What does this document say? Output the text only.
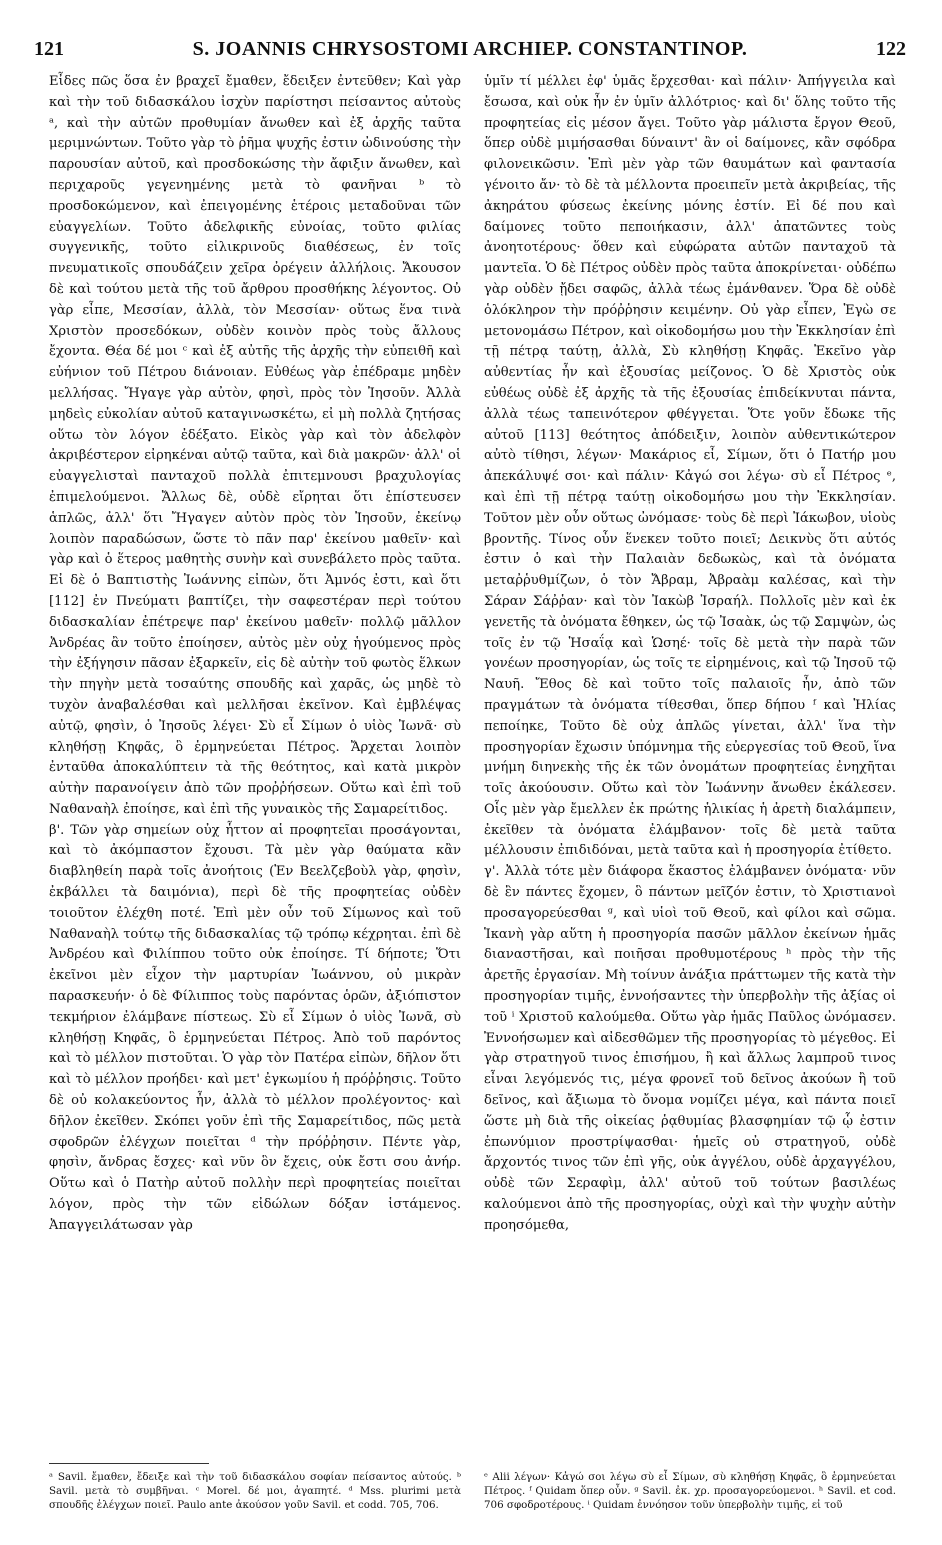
121	S. JOANNIS CHRYSOSTOMI ARCHIEP. CONSTANTINOP.	122

Εἶδες πῶς ὅσα ἐν βραχεῖ ἔμαθεν, ἔδειξεν ἐντεῦθεν; Καὶ γὰρ καὶ τὴν τοῦ διδασκάλου ἰσχὺν παρίστησι πείσαντος αὐτοὺς ᵃ, καὶ τὴν αὐτῶν προθυμίαν ἄνωθεν καὶ ἐξ ἀρχῆς ταῦτα μεριμνώντων. Τοῦτο γὰρ τὸ ῥῆμα ψυχῆς ἐστιν ὠδινούσης τὴν παρουσίαν αὐτοῦ, καὶ προσδοκώσης τὴν ἄφιξιν ἄνωθεν, καὶ περιχαροῦς γεγενημένης μετὰ τὸ φανῆναι ᵇ τὸ προσδοκώμενον, καὶ ἐπειγομένης ἑτέροις μεταδοῦναι τῶν εὐαγγελίων. Τοῦτο ἀδελφικῆς εὐνοίας, τοῦτο φιλίας συγγενικῆς, τοῦτο εἰλικρινοῦς διαθέσεως, ἐν τοῖς πνευματικοῖς σπουδάζειν χεῖρα ὀρέγειν ἀλλήλοις. Ἄκουσον δὲ καὶ τούτου μετὰ τῆς τοῦ ἄρθρου προσθήκης λέγοντος. Οὐ γὰρ εἶπε, Μεσσίαν, ἀλλὰ, τὸν Μεσσίαν· οὕτως ἕνα τινὰ Χριστὸν προσεδόκων, οὐδὲν κοινὸν πρὸς τοὺς ἄλλους ἔχοντα. Θέα δέ μοι ᶜ καὶ ἐξ αὐτῆς τῆς ἀρχῆς τὴν εὐπειθῆ καὶ εὐήνιον τοῦ Πέτρου διάνοιαν. Εὐθέως γὰρ ἐπέδραμε μηδὲν μελλήσας. Ἤγαγε γὰρ αὐτὸν, φησὶ, πρὸς τὸν Ἰησοῦν. Ἀλλὰ μηδεὶς εὐκολίαν αὐτοῦ καταγινωσκέτω, εἰ μὴ πολλὰ ζητήσας οὕτω τὸν λόγον ἐδέξατο. Εἰκὸς γὰρ καὶ τὸν ἀδελφὸν ἀκριβέστερον εἰρηκέναι αὐτῷ ταῦτα, καὶ διὰ μακρῶν· ἀλλ' οἱ εὐαγγελισταὶ πανταχοῦ πολλὰ ἐπιτεμνουσι βραχυλογίας ἐπιμελούμενοι. Ἄλλως δὲ, οὐδὲ εἴρηται ὅτι ἐπίστευσεν ἁπλῶς, ἀλλ' ὅτι Ἤγαγεν αὐτὸν πρὸς τὸν Ἰησοῦν, ἐκείνῳ λοιπὸν παραδώσων, ὥστε τὸ πᾶν παρ' ἐκείνου μαθεῖν· καὶ γὰρ καὶ ὁ ἕτερος μαθητὴς συνὴν καὶ συνεβάλετο πρὸς ταῦτα. Εἰ δὲ ὁ Βαπτιστὴς Ἰωάννης εἰπὼν, ὅτι Ἀμνός ἐστι, καὶ ὅτι [112] ἐν Πνεύματι βαπτίζει, τὴν σαφεστέραν περὶ τούτου διδασκαλίαν ἐπέτρεψε παρ' ἐκείνου μαθεῖν· πολλῷ μᾶλλον Ἀνδρέας ἂν τοῦτο ἐποίησεν, αὐτὸς μὲν οὐχ ἡγούμενος πρὸς τὴν ἐξήγησιν πᾶσαν ἐξαρκεῖν, εἰς δὲ αὐτὴν τοῦ φωτὸς ἕλκων τὴν πηγὴν μετὰ τοσαύτης σπουδῆς καὶ χαρᾶς, ὡς μηδὲ τὸ τυχὸν ἀναβαλέσθαι καὶ μελλῆσαι ἐκεῖνον. Καὶ ἐμβλέψας αὐτῷ, φησὶν, ὁ Ἰησοῦς λέγει· Σὺ εἶ Σίμων ὁ υἱὸς Ἰωνᾶ· σὺ κληθήσῃ Κηφᾶς, ὃ ἑρμηνεύεται Πέτρος. Ἄρχεται λοιπὸν ἐνταῦθα ἀποκαλύπτειν τὰ τῆς θεότητος, καὶ κατὰ μικρὸν αὐτὴν παρανοίγειν ἀπὸ τῶν προῤῥήσεων. Οὕτω καὶ ἐπὶ τοῦ Ναθαναὴλ ἐποίησε, καὶ ἐπὶ τῆς γυναικὸς τῆς Σαμαρείτιδος.

β'. Τῶν γὰρ σημείων οὐχ ἧττον αἱ προφητεῖαι προσάγονται, καὶ τὸ ἀκόμπαστον ἔχουσι. Τὰ μὲν γὰρ θαύματα κἂν διαβληθείη παρὰ τοῖς ἀνοήτοις (Ἐν Βεελζεβοὺλ γὰρ, φησὶν, ἐκβάλλει τὰ δαιμόνια), περὶ δὲ τῆς προφητείας οὐδὲν τοιοῦτον ἐλέχθη ποτέ. Ἐπὶ μὲν οὖν τοῦ Σίμωνος καὶ τοῦ Ναθαναὴλ τούτῳ τῆς διδασκαλίας τῷ τρόπῳ κέχρηται. ἐπὶ δὲ Ἀνδρέου καὶ Φιλίππου τοῦτο οὐκ ἐποίησε. Τί δήποτε; Ὅτι ἐκεῖνοι μὲν εἶχον τὴν μαρτυρίαν Ἰωάννου, οὐ μικρὰν παρασκευήν· ὁ δὲ Φίλιππος τοὺς παρόντας ὁρῶν, ἀξιόπιστον τεκμήριον ἐλάμβανε πίστεως. Σὺ εἶ Σίμων ὁ υἱὸς Ἰωνᾶ, σὺ κληθήσῃ Κηφᾶς, ὃ ἑρμηνεύεται Πέτρος. Ἀπὸ τοῦ παρόντος καὶ τὸ μέλλον πιστοῦται. Ὁ γὰρ τὸν Πατέρα εἰπὼν, δῆλον ὅτι καὶ τὸ μέλλον προήδει· καὶ μετ' ἐγκωμίου ἡ πρόῤῥησις. Τοῦτο δὲ οὐ κολακεύοντος ἦν, ἀλλὰ τὸ μέλλον προλέγοντος· καὶ δῆλον ἐκεῖθεν. Σκόπει γοῦν ἐπὶ τῆς Σαμαρείτιδος, πῶς μετὰ σφοδρῶν ἐλέγχων ποιεῖται ᵈ τὴν πρόῤῥησιν. Πέντε γὰρ, φησὶν, ἄνδρας ἔσχες· καὶ νῦν ὃν ἔχεις, οὐκ ἔστι σου ἀνήρ. Οὕτω καὶ ὁ Πατὴρ αὐτοῦ πολλὴν περὶ προφητείας ποιεῖται λόγον, πρὸς τὴν τῶν εἰδώλων δόξαν ἱστάμενος. Ἀπαγγειλάτωσαν γὰρ

ὑμῖν τί μέλλει ἐφ' ὑμᾶς ἔρχεσθαι· καὶ πάλιν· Ἀπήγγειλα καὶ ἔσωσα, καὶ οὐκ ἦν ἐν ὑμῖν ἀλλότριος· καὶ δι' ὅλης τοῦτο τῆς προφητείας εἰς μέσον ἄγει. Τοῦτο γὰρ μάλιστα ἔργον Θεοῦ, ὅπερ οὐδὲ μιμήσασθαι δύναιντ' ἂν οἱ δαίμονες, κἂν σφόδρα φιλονεικῶσιν. Ἐπὶ μὲν γὰρ τῶν θαυμάτων καὶ φαντασία γένοιτο ἄν· τὸ δὲ τὰ μέλλοντα προειπεῖν μετὰ ἀκριβείας, τῆς ἀκηράτου φύσεως ἐκείνης μόνης ἐστίν. Εἰ δέ που καὶ δαίμονες τοῦτο πεποιήκασιν, ἀλλ' ἀπατῶντες τοὺς ἀνοητοτέρους· ὅθεν καὶ εὐφώρατα αὐτῶν πανταχοῦ τὰ μαντεῖα. Ὁ δὲ Πέτρος οὐδὲν πρὸς ταῦτα ἀποκρίνεται· οὐδέπω γὰρ οὐδὲν ᾔδει σαφῶς, ἀλλὰ τέως ἐμάνθανεν. Ὅρα δὲ οὐδὲ ὁλόκληρον τὴν πρόῤῥησιν κειμένην. Οὐ γὰρ εἶπεν, Ἐγὼ σε μετονομάσω Πέτρον, καὶ οἰκοδομήσω μου τὴν Ἐκκλησίαν ἐπὶ τῇ πέτρᾳ ταύτῃ, ἀλλὰ, Σὺ κληθήσῃ Κηφᾶς. Ἐκεῖνο γὰρ αὐθεντίας ἦν καὶ ἐξουσίας μείζονος. Ὁ δὲ Χριστὸς οὐκ εὐθέως οὐδὲ ἐξ ἀρχῆς τὰ τῆς ἐξουσίας ἐπιδείκνυται πάντα, ἀλλὰ τέως ταπεινότερον φθέγγεται. Ὅτε γοῦν ἔδωκε τῆς αὐτοῦ [113] θεότητος ἀπόδειξιν, λοιπὸν αὐθεντικώτερον αὐτὸ τίθησι, λέγων· Μακάριος εἶ, Σίμων, ὅτι ὁ Πατήρ μου ἀπεκάλυψέ σοι· καὶ πάλιν· Κἀγώ σοι λέγω· σὺ εἶ Πέτρος ᵉ, καὶ ἐπὶ τῇ πέτρᾳ ταύτῃ οἰκοδομήσω μου τὴν Ἐκκλησίαν. Τοῦτον μὲν οὖν οὕτως ὠνόμασε· τοὺς δὲ περὶ Ἰάκωβον, υἱοὺς βροντῆς. Τίνος οὖν ἕνεκεν τοῦτο ποιεῖ; Δεικνὺς ὅτι αὐτός ἐστιν ὁ καὶ τὴν Παλαιὰν δεδωκὼς, καὶ τὰ ὀνόματα μεταῤῥυθμίζων, ὁ τὸν Ἄβραμ, Ἀβραὰμ καλέσας, καὶ τὴν Σάραν Σάῤῥαν· καὶ τὸν Ἰακὼβ Ἰσραήλ. Πολλοῖς μὲν καὶ ἐκ γενετῆς τὰ ὀνόματα ἔθηκεν, ὡς τῷ Ἰσαὰκ, ὡς τῷ Σαμψὼν, ὡς τοῖς ἐν τῷ Ἡσαΐᾳ καὶ Ὡσηέ· τοῖς δὲ μετὰ τὴν παρὰ τῶν γονέων προσηγορίαν, ὡς τοῖς τε εἰρημένοις, καὶ τῷ Ἰησοῦ τῷ Ναυῆ. Ἔθος δὲ καὶ τοῦτο τοῖς παλαιοῖς ἦν, ἀπὸ τῶν πραγμάτων τὰ ὀνόματα τίθεσθαι, ὅπερ δήπου ᶠ καὶ Ἠλίας πεποίηκε, Τοῦτο δὲ οὐχ ἁπλῶς γίνεται, ἀλλ' ἵνα τὴν προσηγορίαν ἔχωσιν ὑπόμνημα τῆς εὐεργεσίας τοῦ Θεοῦ, ἵνα μνήμη διηνεκὴς τῆς ἐκ τῶν ὀνομάτων προφητείας ἐνηχῆται τοῖς ἀκούουσιν. Οὕτω καὶ τὸν Ἰωάννην ἄνωθεν ἐκάλεσεν. Οἷς μὲν γὰρ ἔμελλεν ἐκ πρώτης ἡλικίας ἡ ἀρετὴ διαλάμπειν, ἐκεῖθεν τὰ ὀνόματα ἐλάμβανον· τοῖς δὲ μετὰ ταῦτα μέλλουσιν ἐπιδιδόναι, μετὰ ταῦτα καὶ ἡ προσηγορία ἐτίθετο.

γ'. Ἀλλὰ τότε μὲν διάφορα ἕκαστος ἐλάμβανεν ὀνόματα· νῦν δὲ ἓν πάντες ἔχομεν, ὃ πάντων μεῖζόν ἐστιν, τὸ Χριστιανοὶ προσαγορεύεσθαι ᵍ, καὶ υἱοὶ τοῦ Θεοῦ, καὶ φίλοι καὶ σῶμα. Ἱκανὴ γὰρ αὕτη ἡ προσηγορία πασῶν μᾶλλον ἐκείνων ἡμᾶς διαναστῆσαι, καὶ ποιῆσαι προθυμοτέρους ʰ πρὸς τὴν τῆς ἀρετῆς ἐργασίαν. Μὴ τοίνυν ἀνάξια πράττωμεν τῆς κατὰ τὴν προσηγορίαν τιμῆς, ἐννοήσαντες τὴν ὑπερβολὴν τῆς ἀξίας οἱ τοῦ ⁱ Χριστοῦ καλούμεθα. Οὕτω γὰρ ἡμᾶς Παῦλος ὠνόμασεν. Ἐννοήσωμεν καὶ αἰδεσθῶμεν τῆς προσηγορίας τὸ μέγεθος. Εἰ γὰρ στρατηγοῦ τινος ἐπισήμου, ἢ καὶ ἄλλως λαμπροῦ τινος εἶναι λεγόμενός τις, μέγα φρονεῖ τοῦ δεῖνος ἀκούων ἢ τοῦ δεῖνος, καὶ ἄξιωμα τὸ ὄνομα νομίζει μέγα, καὶ πάντα ποιεῖ ὥστε μὴ διὰ τῆς οἰκείας ῥᾳθυμίας βλασφημίαν τῷ ᾧ ἐστιν ἐπωνύμιον προστρίψασθαι· ἡμεῖς οὐ στρατηγοῦ, οὐδὲ ἄρχοντός τινος τῶν ἐπὶ γῆς, οὐκ ἀγγέλου, οὐδὲ ἀρχαγγέλου, οὐδὲ τῶν Σεραφὶμ, ἀλλ' αὐτοῦ τοῦ τούτων βασιλέως καλούμενοι ἀπὸ τῆς προσηγορίας, οὐχὶ καὶ τὴν ψυχὴν αὐτὴν προησόμεθα,

ᵃ Savil. ἔμαθεν, ἔδειξε καὶ τὴν τοῦ διδασκάλου σοφίαν πείσαντος αὐτούς. ᵇ Savil. μετὰ τὸ συμβῆναι. ᶜ Morel. δέ μοι, ἀγαπητέ. ᵈ Mss. plurimi μετὰ σπουδῆς ἐλέγχων ποιεῖ. Paulo ante ἀκούσον γοῦν Savil. et codd. 705, 706.
ᵉ Alii λέγων· Κἀγώ σοι λέγω σὺ εἶ Σίμων, σὺ κληθήσῃ Κηφᾶς, ὃ ἑρμηνεύεται Πέτρος. ᶠ Quidam ὅπερ οὖν. ᵍ Savil. ἐκ. χρ. προσαγορεύομενοι. ʰ Savil. et cod. 706 σφοδροτέρους. ⁱ Quidam ἐννόησον τοῦν ὑπερβολὴν τιμῆς, εἰ τοῦ
